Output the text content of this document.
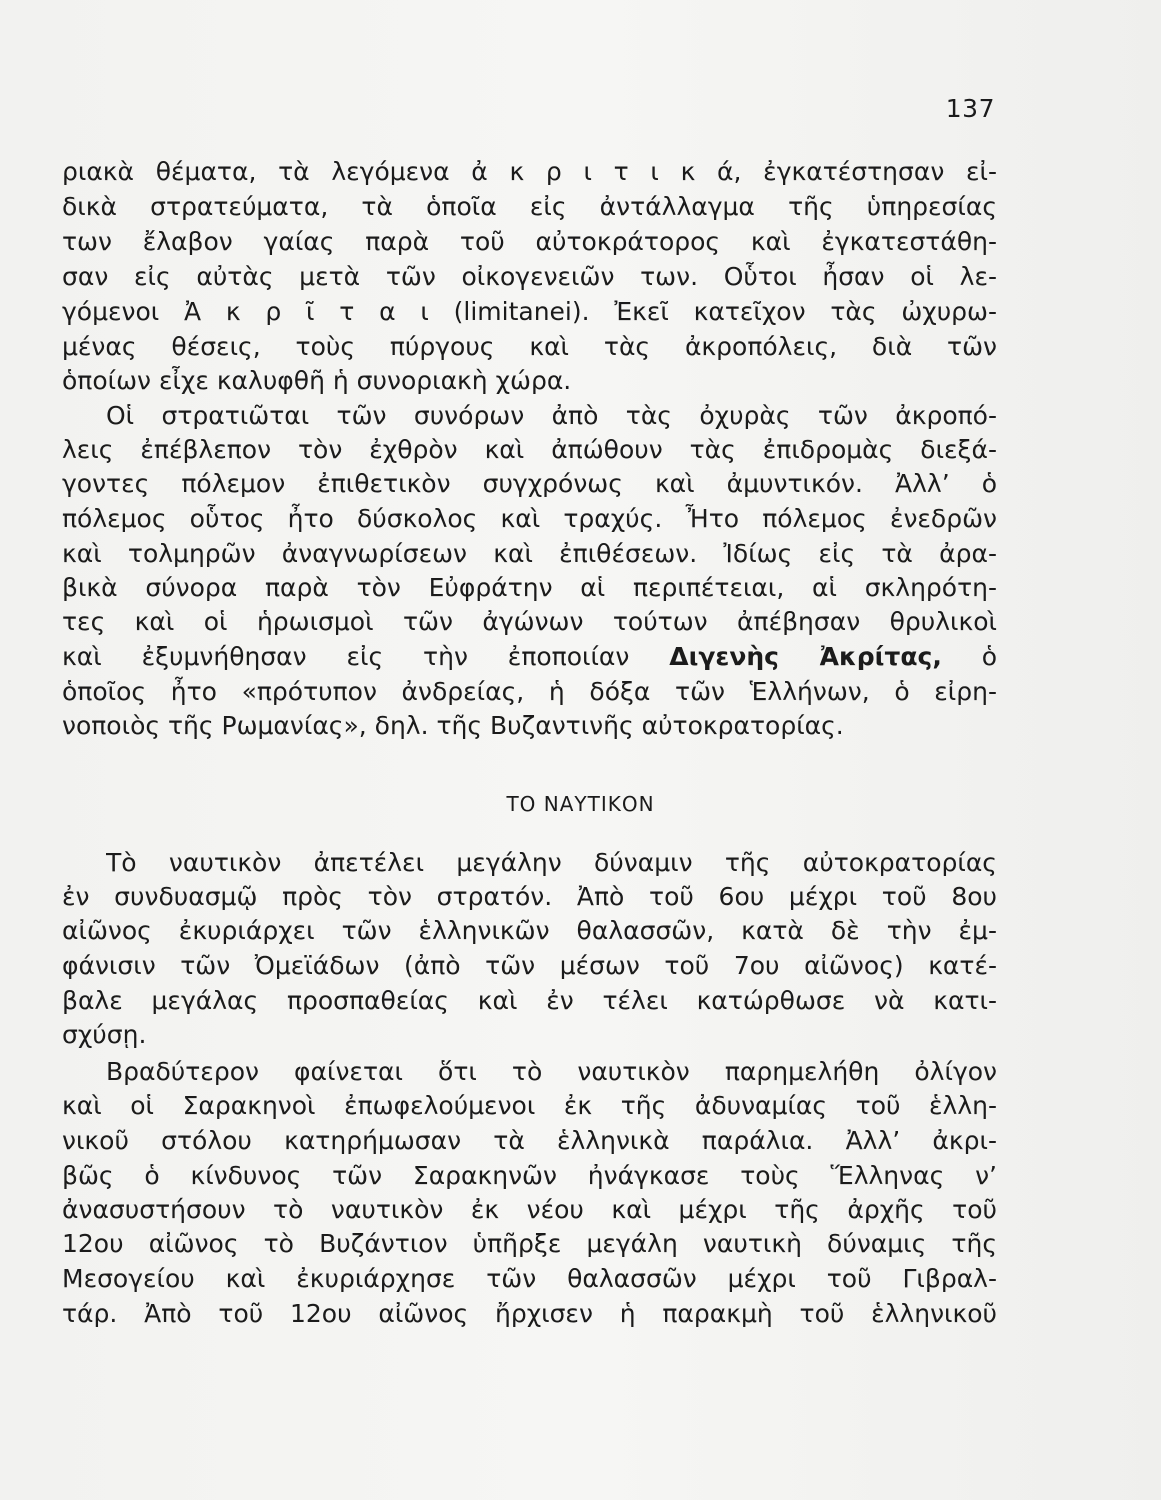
137
ριακὰ θέματα, τὰ λεγόμενα ἀ κ ρ ι τ ι κ ά, ἐγκατέστησαν εἰ-
δικὰ στρατεύματα, τὰ ὁποῖα εἰς ἀντάλλαγμα τῆς ὑπηρεσίας
των ἔλαβον γαίας παρὰ τοῦ αὐτοκράτορος καὶ ἐγκατεστάθη-
σαν εἰς αὐτὰς μετὰ τῶν οἰκογενειῶν των. Οὗτοι ἦσαν οἱ λε-
γόμενοι Ἀ κ ρ ῖ τ α ι (limitanei). Ἐκεῖ κατεῖχον τὰς ὠχυρω-
μένας θέσεις, τοὺς πύργους καὶ τὰς ἀκροπόλεις, διὰ τῶν
ὁποίων εἶχε καλυφθῆ ἡ συνοριακὴ χώρα.
Οἱ στρατιῶται τῶν συνόρων ἀπὸ τὰς ὀχυρὰς τῶν ἀκροπό-
λεις ἐπέβλεπον τὸν ἐχθρὸν καὶ ἀπώθουν τὰς ἐπιδρομὰς διεξά-
γοντες πόλεμον ἐπιθετικὸν συγχρόνως καὶ ἀμυντικόν. Ἀλλ’ ὁ
πόλεμος οὗτος ἦτο δύσκολος καὶ τραχύς. Ἦτο πόλεμος ἐνεδρῶν
καὶ τολμηρῶν ἀναγνωρίσεων καὶ ἐπιθέσεων. Ἰδίως εἰς τὰ ἀρα-
βικὰ σύνορα παρὰ τὸν Εὐφράτην αἱ περιπέτειαι, αἱ σκληρότη-
τες καὶ οἱ ἡρωισμοὶ τῶν ἀγώνων τούτων ἀπέβησαν θρυλικοὶ
καὶ ἐξυμνήθησαν εἰς τὴν ἐποποιίαν Διγενὴς Ἀκρίτας, ὁ
ὁποῖος ἦτο «πρότυπον ἀνδρείας, ἡ δόξα τῶν Ἑλλήνων, ὁ εἰρη-
νοποιὸς τῆς Ρωμανίας», δηλ. τῆς Βυζαντινῆς αὐτοκρατορίας.
ΤΟ ΝΑΥΤΙΚΟΝ
Τὸ ναυτικὸν ἀπετέλει μεγάλην δύναμιν τῆς αὐτοκρατορίας
ἐν συνδυασμῷ πρὸς τὸν στρατόν. Ἀπὸ τοῦ 6ου μέχρι τοῦ 8ου
αἰῶνος ἐκυριάρχει τῶν ἑλληνικῶν θαλασσῶν, κατὰ δὲ τὴν ἐμ-
φάνισιν τῶν Ὀμεϊάδων (ἀπὸ τῶν μέσων τοῦ 7ου αἰῶνος) κατέ-
βαλε μεγάλας προσπαθείας καὶ ἐν τέλει κατώρθωσε νὰ κατι-
σχύσῃ.
Βραδύτερον φαίνεται ὅτι τὸ ναυτικὸν παρημελήθη ὀλίγον
καὶ οἱ Σαρακηνοὶ ἐπωφελούμενοι ἐκ τῆς ἀδυναμίας τοῦ ἑλλη-
νικοῦ στόλου κατηρήμωσαν τὰ ἑλληνικὰ παράλια. Ἀλλ’ ἀκρι-
βῶς ὁ κίνδυνος τῶν Σαρακηνῶν ἠνάγκασε τοὺς Ἕλληνας ν’
ἀνασυστήσουν τὸ ναυτικὸν ἐκ νέου καὶ μέχρι τῆς ἀρχῆς τοῦ
12ου αἰῶνος τὸ Βυζάντιον ὑπῆρξε μεγάλη ναυτικὴ δύναμις τῆς
Μεσογείου καὶ ἐκυριάρχησε τῶν θαλασσῶν μέχρι τοῦ Γιβραλ-
τάρ. Ἀπὸ τοῦ 12ου αἰῶνος ἤρχισεν ἡ παρακμὴ τοῦ ἑλληνικοῦ
